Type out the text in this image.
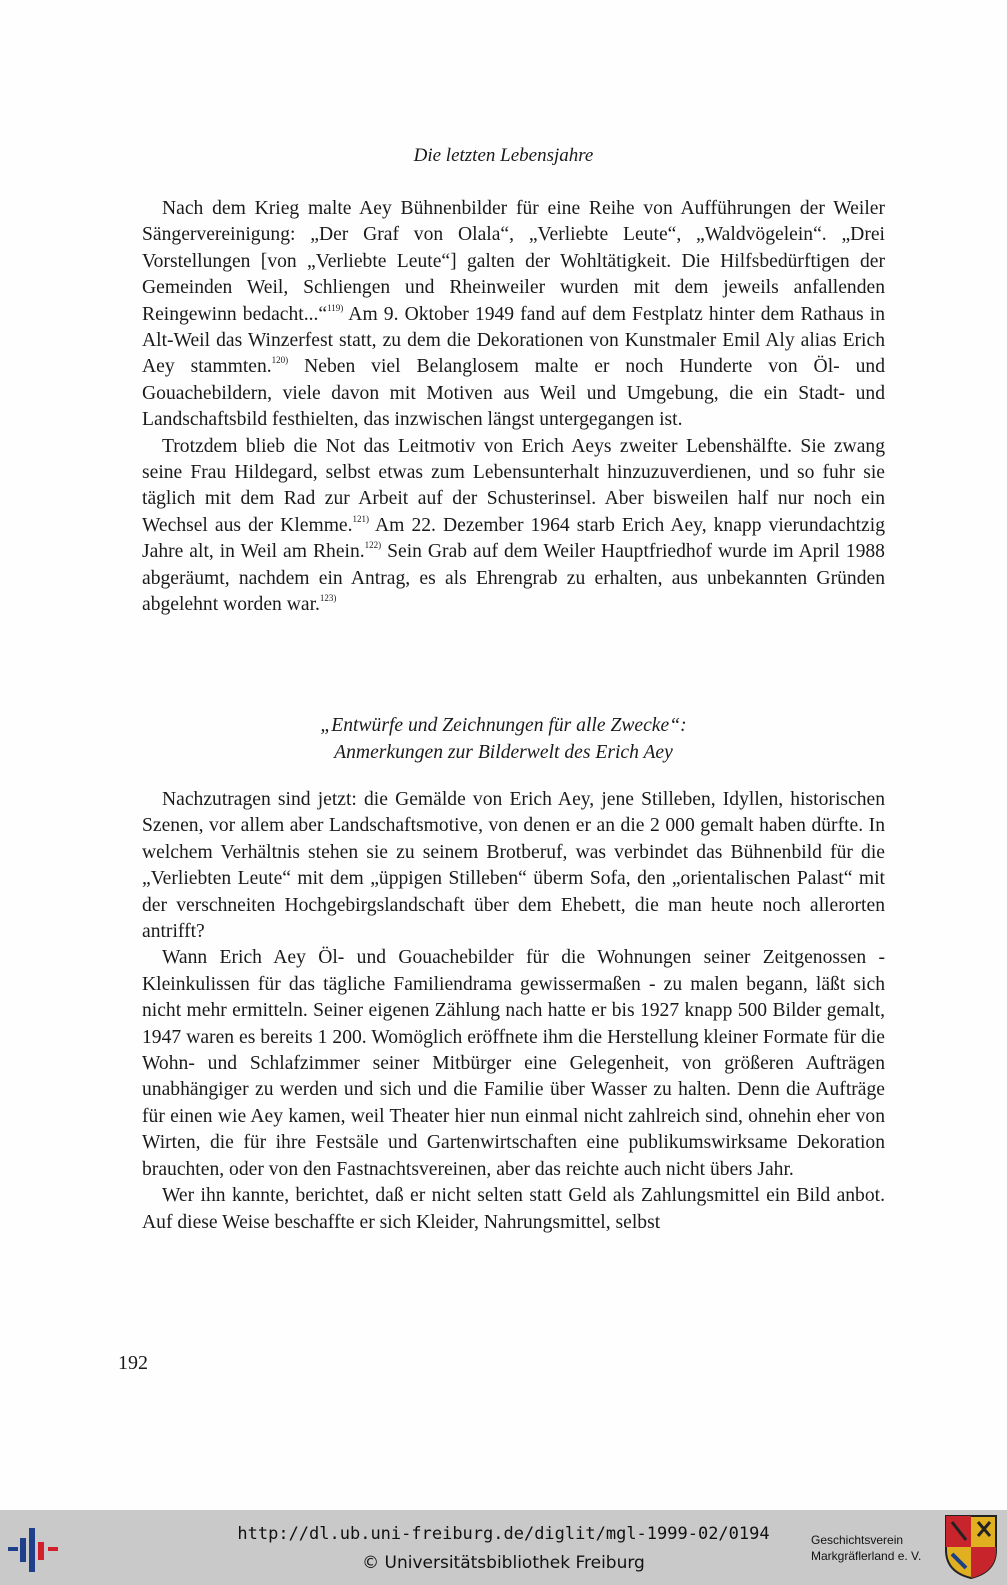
Die letzten Lebensjahre

Nach dem Krieg malte Aey Bühnenbilder für eine Reihe von Aufführungen der Weiler Sängervereinigung: „Der Graf von Olala“, „Verliebte Leute“, „Waldvögelein“. „Drei Vorstellungen [von „Verliebte Leute“] galten der Wohltätigkeit. Die Hilfsbedürftigen der Gemeinden Weil, Schliengen und Rheinweiler wurden mit dem jeweils anfallenden Reingewinn bedacht...“$^{119)}$ Am 9. Oktober 1949 fand auf dem Festplatz hinter dem Rathaus in Alt-Weil das Winzerfest statt, zu dem die Dekorationen von Kunstmaler Emil Aly alias Erich Aey stammten.$^{120)}$ Neben viel Belanglosem malte er noch Hunderte von Öl- und Gouachebildern, viele davon mit Motiven aus Weil und Umgebung, die ein Stadt- und Landschaftsbild festhielten, das inzwischen längst untergegangen ist.

Trotzdem blieb die Not das Leitmotiv von Erich Aeys zweiter Lebenshälfte. Sie zwang seine Frau Hildegard, selbst etwas zum Lebensunterhalt hinzuzuverdienen, und so fuhr sie täglich mit dem Rad zur Arbeit auf der Schusterinsel. Aber bisweilen half nur noch ein Wechsel aus der Klemme.$^{121)}$ Am 22. Dezember 1964 starb Erich Aey, knapp vierundachtzig Jahre alt, in Weil am Rhein.$^{122)}$ Sein Grab auf dem Weiler Hauptfriedhof wurde im April 1988 abgeräumt, nachdem ein Antrag, es als Ehrengrab zu erhalten, aus unbekannten Gründen abgelehnt worden war.$^{123)}$

„Entwürfe und Zeichnungen für alle Zwecke“:
Anmerkungen zur Bilderwelt des Erich Aey

Nachzutragen sind jetzt: die Gemälde von Erich Aey, jene Stilleben, Idyllen, historischen Szenen, vor allem aber Landschaftsmotive, von denen er an die 2 000 gemalt haben dürfte. In welchem Verhältnis stehen sie zu seinem Brotberuf, was verbindet das Bühnenbild für die „Verliebten Leute“ mit dem „üppigen Stilleben“ überm Sofa, den „orientalischen Palast“ mit der verschneiten Hochgebirgslandschaft über dem Ehebett, die man heute noch allerorten antrifft?

Wann Erich Aey Öl- und Gouachebilder für die Wohnungen seiner Zeitgenossen - Kleinkulissen für das tägliche Familiendrama gewissermaßen - zu malen begann, läßt sich nicht mehr ermitteln. Seiner eigenen Zählung nach hatte er bis 1927 knapp 500 Bilder gemalt, 1947 waren es bereits 1 200. Womöglich eröffnete ihm die Herstellung kleiner Formate für die Wohn- und Schlafzimmer seiner Mitbürger eine Gelegenheit, von größeren Aufträgen unabhängiger zu werden und sich und die Familie über Wasser zu halten. Denn die Aufträge für einen wie Aey kamen, weil Theater hier nun einmal nicht zahlreich sind, ohnehin eher von Wirten, die für ihre Festsäle und Gartenwirtschaften eine publikumswirksame Dekoration brauchten, oder von den Fastnachtsvereinen, aber das reichte auch nicht übers Jahr.

Wer ihn kannte, berichtet, daß er nicht selten statt Geld als Zahlungsmittel ein Bild anbot. Auf diese Weise beschaffte er sich Kleider, Nahrungsmittel, selbst

192
http://dl.ub.uni-freiburg.de/diglit/mgl-1999-02/0194
© Universitätsbibliothek Freiburg
Geschichtsverein
Markgräflerland e. V.
